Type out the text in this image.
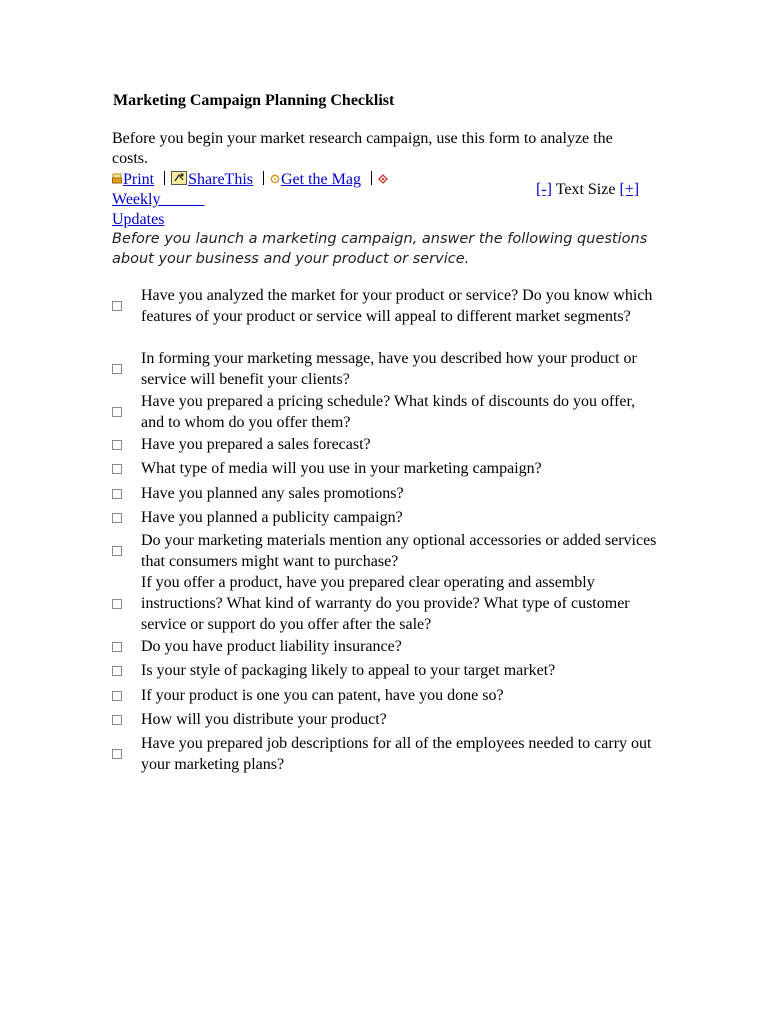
Marketing Campaign Planning Checklist
Before you begin your market research campaign, use this form to analyze the costs.
Print ShareThis Get the MagWeekly
Updates
[-] Text Size [+]
Before you launch a marketing campaign, answer the following questions about your business and your product or service.
Have you analyzed the market for your product or service? Do you know which features of your product or service will appeal to different market segments?
In forming your marketing message, have you described how your product or service will benefit your clients?
Have you prepared a pricing schedule? What kinds of discounts do you offer, and to whom do you offer them?
Have you prepared a sales forecast?
What type of media will you use in your marketing campaign?
Have you planned any sales promotions?
Have you planned a publicity campaign?
Do your marketing materials mention any optional accessories or added services that consumers might want to purchase?
If you offer a product, have you prepared clear operating and assembly instructions? What kind of warranty do you provide? What type of customer service or support do you offer after the sale?
Do you have product liability insurance?
Is your style of packaging likely to appeal to your target market?
If your product is one you can patent, have you done so?
How will you distribute your product?
Have you prepared job descriptions for all of the employees needed to carry out your marketing plans?
